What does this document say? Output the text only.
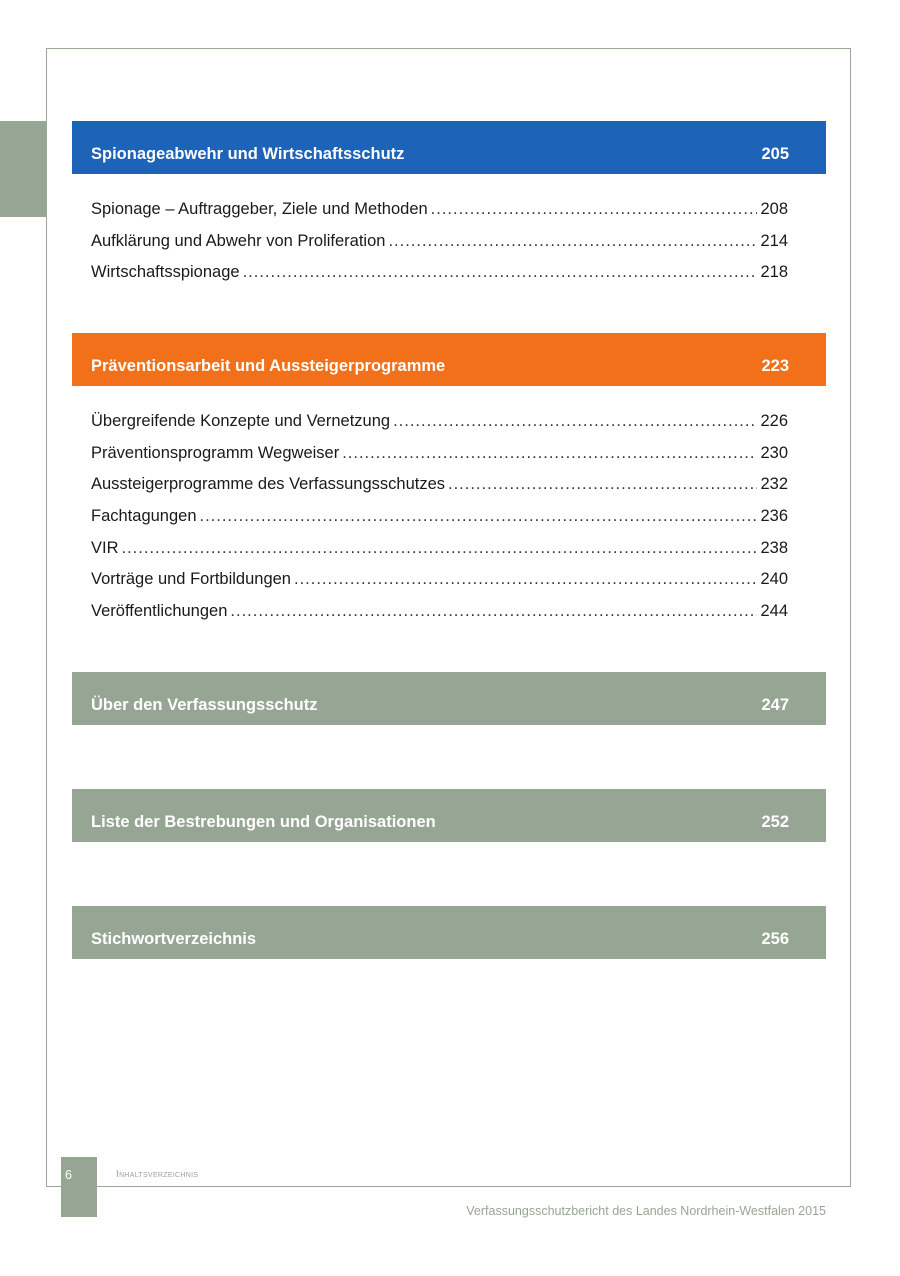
Spionageabwehr und Wirtschaftsschutz	205
Spionage – Auftraggeber, Ziele und Methoden .....	208
Aufklärung und Abwehr von Proliferation .....	214
Wirtschaftsspionage .....	218
Präventionsarbeit und Aussteigerprogramme	223
Übergreifende Konzepte und Vernetzung .....	226
Präventionsprogramm Wegweiser .....	230
Aussteigerprogramme des Verfassungsschutzes .....	232
Fachtagungen .....	236
VIR .....	238
Vorträge und Fortbildungen .....	240
Veröffentlichungen .....	244
Über den Verfassungsschutz	247
Liste der Bestrebungen und Organisationen	252
Stichwortverzeichnis	256
6	Inhaltsverzeichnis
Verfassungsschutzbericht des Landes Nordrhein-Westfalen 2015
